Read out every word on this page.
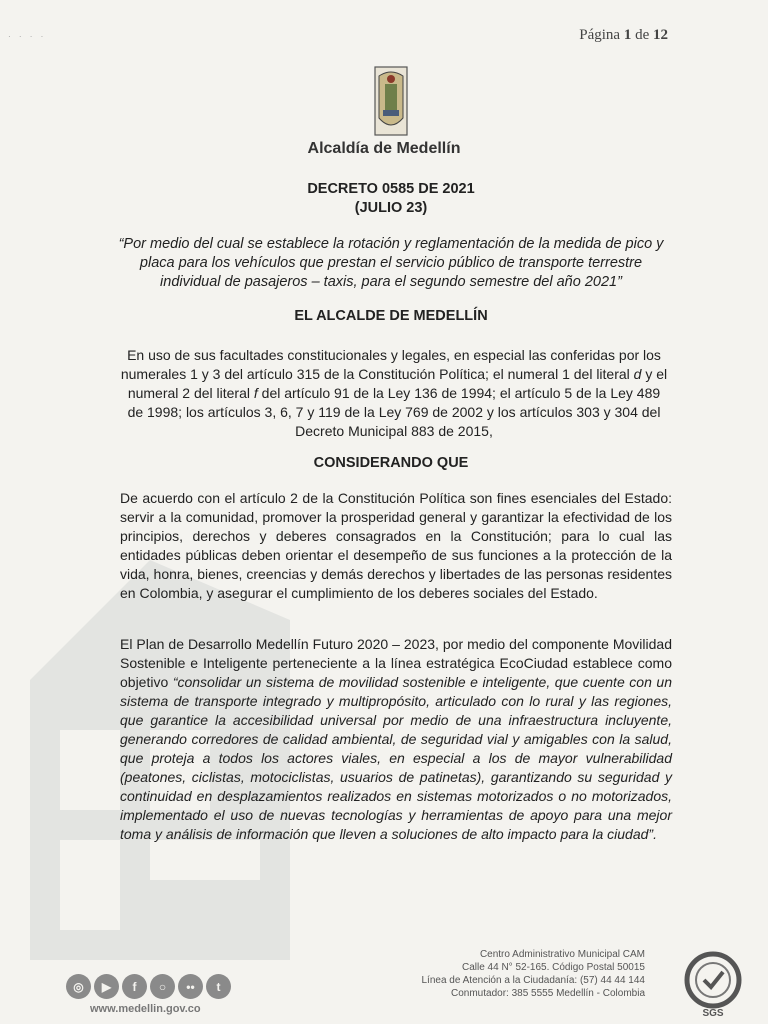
· · · ·	Página 1 de 12
Alcaldía de Medellín
DECRETO 0585 DE 2021
(JULIO 23)
“Por medio del cual se establece la rotación y reglamentación de la medida de pico y placa para los vehículos que prestan el servicio público de transporte terrestre individual de pasajeros – taxis, para el segundo semestre del año 2021”
EL ALCALDE DE MEDELLÍN
En uso de sus facultades constitucionales y legales, en especial las conferidas por los numerales 1 y 3 del artículo 315 de la Constitución Política; el numeral 1 del literal d y el numeral 2 del literal f del artículo 91 de la Ley 136 de 1994; el artículo 5 de la Ley 489 de 1998; los artículos 3, 6, 7 y 119 de la Ley 769 de 2002 y los artículos 303 y 304 del Decreto Municipal 883 de 2015,
CONSIDERANDO QUE
De acuerdo con el artículo 2 de la Constitución Política son fines esenciales del Estado: servir a la comunidad, promover la prosperidad general y garantizar la efectividad de los principios, derechos y deberes consagrados en la Constitución; para lo cual las entidades públicas deben orientar el desempeño de sus funciones a la protección de la vida, honra, bienes, creencias y demás derechos y libertades de las personas residentes en Colombia, y asegurar el cumplimiento de los deberes sociales del Estado.
El Plan de Desarrollo Medellín Futuro 2020 – 2023, por medio del componente Movilidad Sostenible e Inteligente perteneciente a la línea estratégica EcoCiudad establece como objetivo “consolidar un sistema de movilidad sostenible e inteligente, que cuente con un sistema de transporte integrado y multipropósito, articulado con lo rural y las regiones, que garantice la accesibilidad universal por medio de una infraestructura incluyente, generando corredores de calidad ambiental, de seguridad vial y amigables con la salud, que proteja a todos los actores viales, en especial a los de mayor vulnerabilidad (peatones, ciclistas, motociclistas, usuarios de patinetas), garantizando su seguridad y continuidad en desplazamientos realizados en sistemas motorizados o no motorizados, implementado el uso de nuevas tecnologías y herramientas de apoyo para una mejor toma y análisis de información que lleven a soluciones de alto impacto para la ciudad”.
Centro Administrativo Municipal CAM
Calle 44 N° 52-165. Código Postal 50015
Línea de Atención a la Ciudadanía: (57) 44 44 144
Conmutador: 385 5555 Medellín - Colombia
◎	▶	f	○	••	t
www.medellin.gov.co	SGS
